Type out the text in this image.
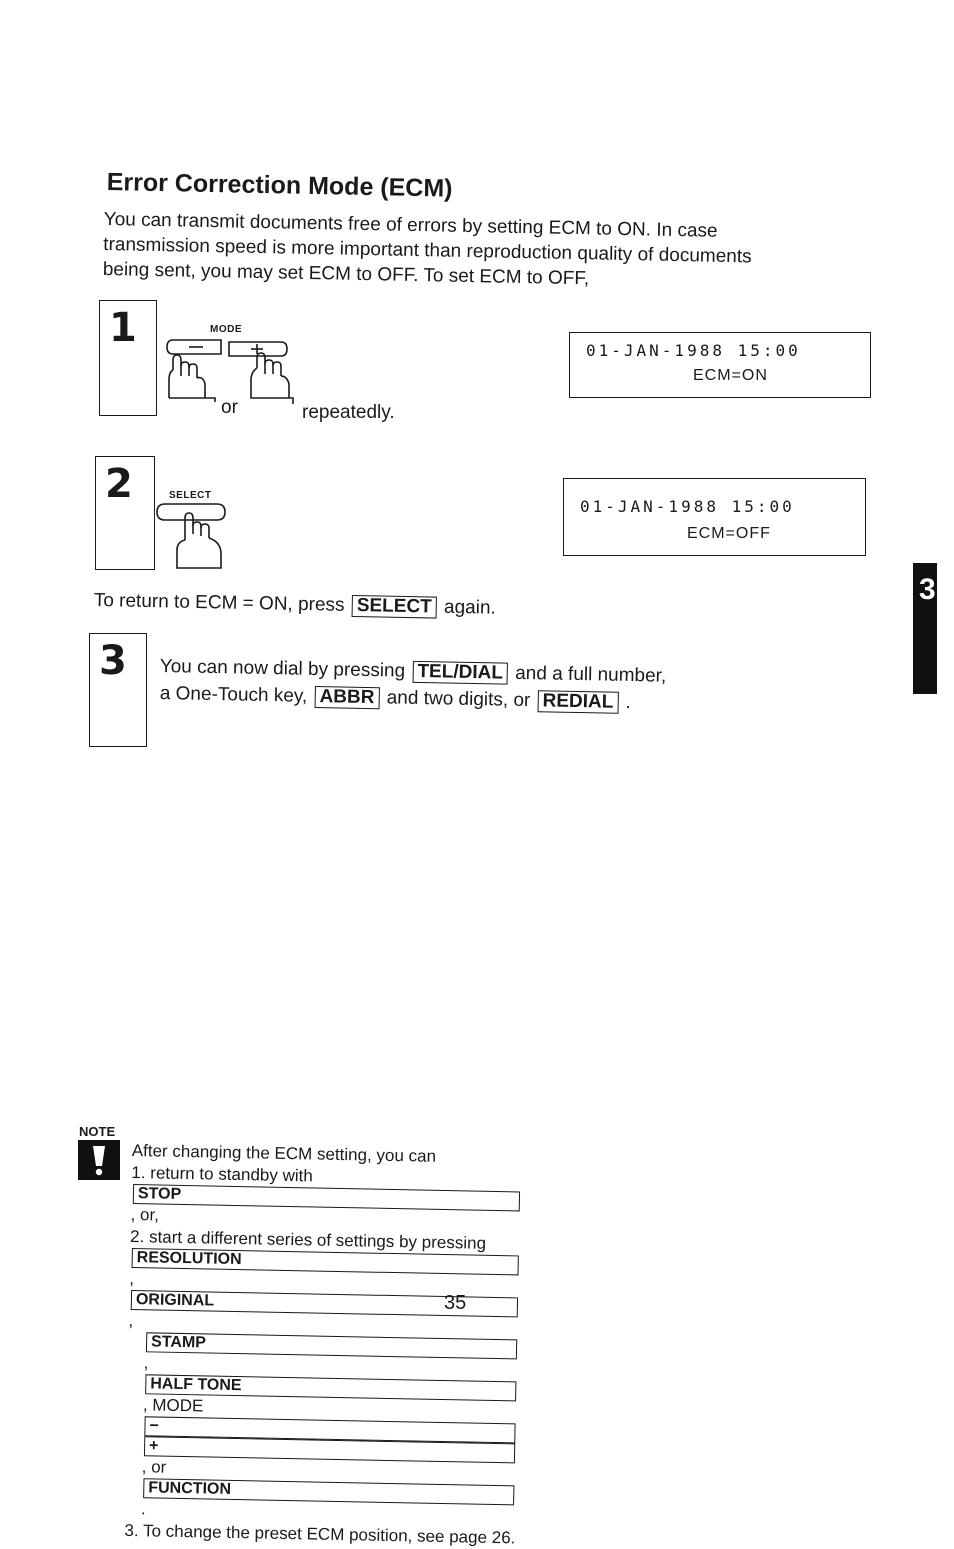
Error Correction Mode (ECM)
You can transmit documents free of errors by setting ECM to ON. In case
transmission speed is more important than reproduction quality of documents
being sent, you may set ECM to OFF. To set ECM to OFF,
1	MODE
or	repeatedly.
01-JAN-1988 15:00
ECM=ON
2	SELECT
01-JAN-1988 15:00
ECM=OFF
To return to ECM = ON, press SELECT again.
3 You can now dial by pressing TEL/DIAL and a full number,
a One-Touch key, ABBR and two digits, or REDIAL .
3
NOTE
After changing the ECM setting, you can
1. return to standby with
STOP
, or,
2. start a different series of settings by pressing
RESOLUTION
,
ORIGINAL
,
STAMP
,
HALF TONE
, MODE
−
+
, or
FUNCTION
.
3. To change the preset ECM position, see page 26.
35
